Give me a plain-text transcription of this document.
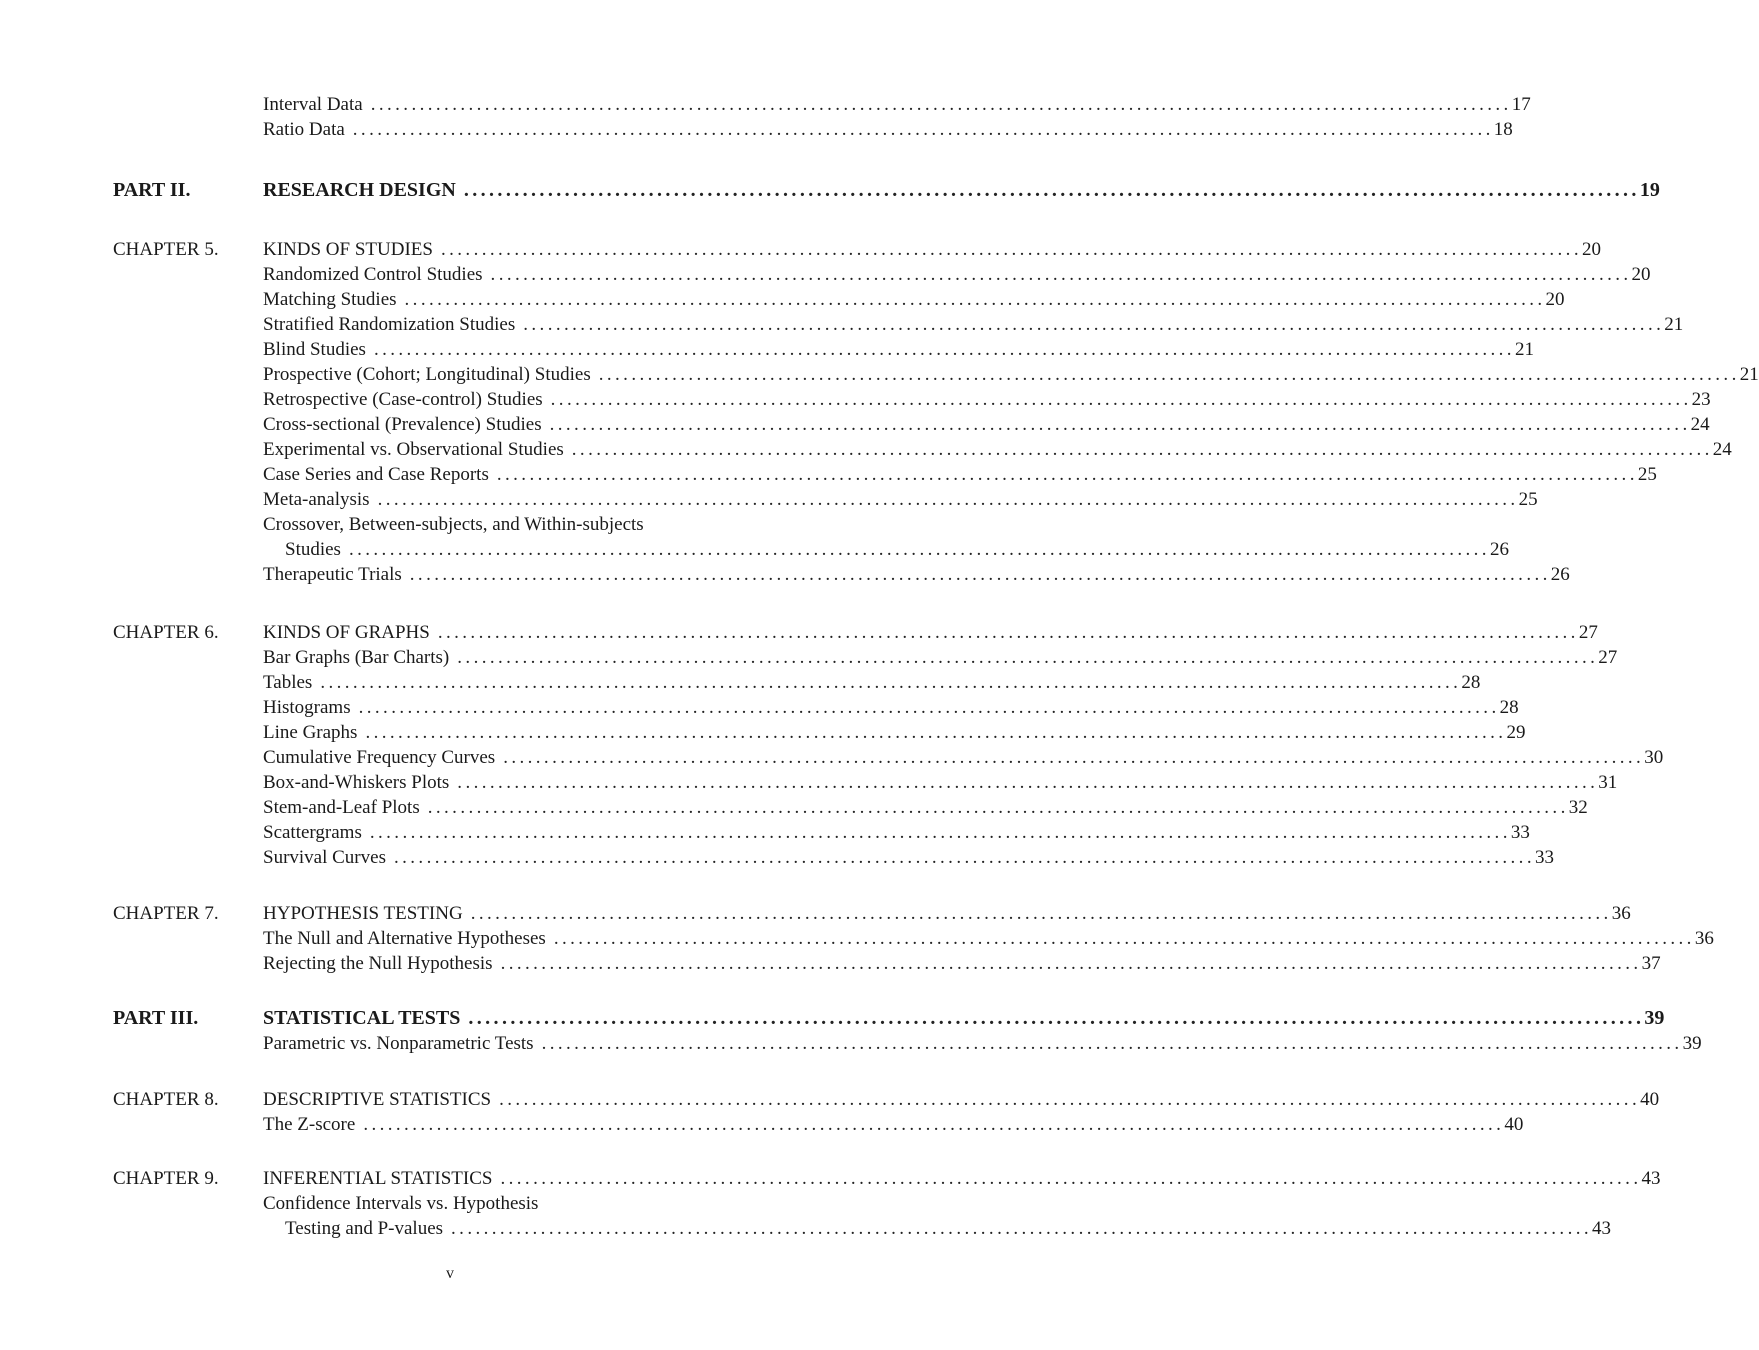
Interval Data ............................................................................................................................................ 17
Ratio Data ............................................................................................................................................ 18
PART II.	RESEARCH DESIGN ............................................................................................................................................ 19
CHAPTER 5. KINDS OF STUDIES ............................................................................................................................................ 20
Randomized Control Studies ............................................................................................................................................ 20
Matching Studies ............................................................................................................................................ 20
Stratified Randomization Studies ............................................................................................................................................ 21
Blind Studies ............................................................................................................................................ 21
Prospective (Cohort; Longitudinal) Studies ............................................................................................................................................ 21
Retrospective (Case-control) Studies ............................................................................................................................................ 23
Cross-sectional (Prevalence) Studies ............................................................................................................................................ 24
Experimental vs. Observational Studies ............................................................................................................................................ 24
Case Series and Case Reports ............................................................................................................................................ 25
Meta-analysis ............................................................................................................................................ 25
Crossover, Between-subjects, and Within-subjects
Studies ............................................................................................................................................ 26
Therapeutic Trials ............................................................................................................................................ 26
CHAPTER 6. KINDS OF GRAPHS ............................................................................................................................................ 27
Bar Graphs (Bar Charts) ............................................................................................................................................ 27
Tables ............................................................................................................................................ 28
Histograms ............................................................................................................................................ 28
Line Graphs ............................................................................................................................................ 29
Cumulative Frequency Curves ............................................................................................................................................ 30
Box-and-Whiskers Plots ............................................................................................................................................ 31
Stem-and-Leaf Plots ............................................................................................................................................ 32
Scattergrams ............................................................................................................................................ 33
Survival Curves ............................................................................................................................................ 33
CHAPTER 7. HYPOTHESIS TESTING ............................................................................................................................................ 36
The Null and Alternative Hypotheses ............................................................................................................................................ 36
Rejecting the Null Hypothesis ............................................................................................................................................ 37
PART III.	STATISTICAL TESTS ............................................................................................................................................ 39
Parametric vs. Nonparametric Tests ............................................................................................................................................ 39
CHAPTER 8. DESCRIPTIVE STATISTICS ............................................................................................................................................ 40
The Z-score ............................................................................................................................................ 40
CHAPTER 9. INFERENTIAL STATISTICS ............................................................................................................................................ 43
Confidence Intervals vs. Hypothesis
Testing and P-values ............................................................................................................................................ 43
v
